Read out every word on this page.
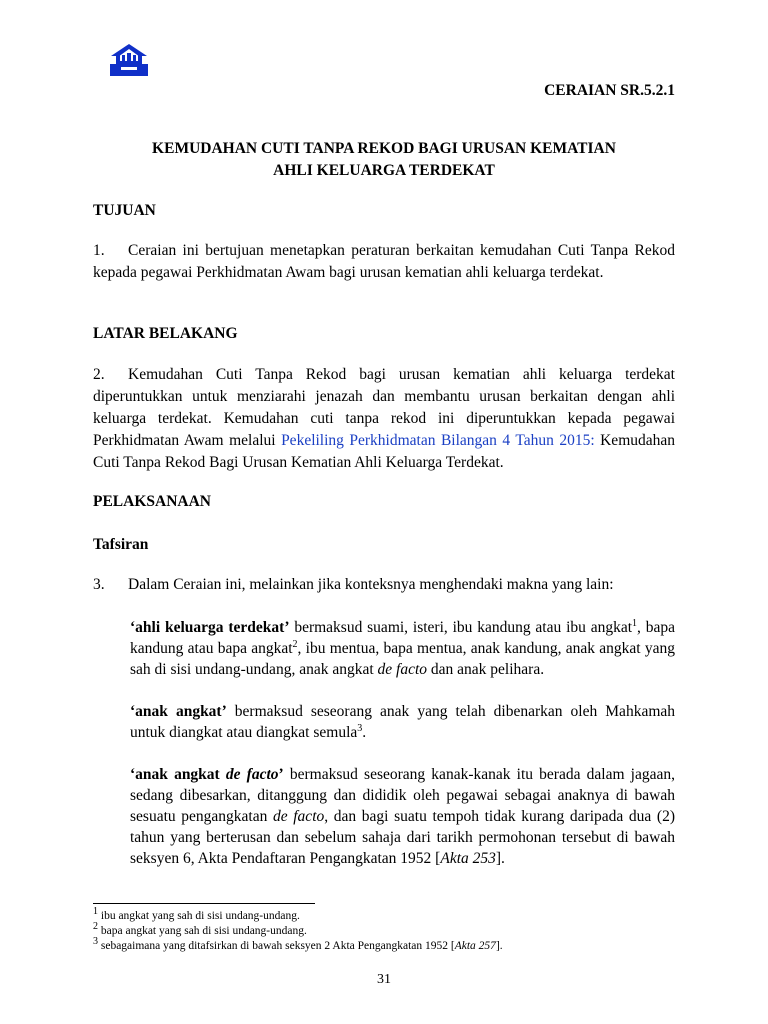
CERAIAN SR.5.2.1
KEMUDAHAN CUTI TANPA REKOD BAGI URUSAN KEMATIAN
AHLI KELUARGA TERDEKAT
TUJUAN
1. Ceraian ini bertujuan menetapkan peraturan berkaitan kemudahan Cuti Tanpa Rekod kepada pegawai Perkhidmatan Awam bagi urusan kematian ahli keluarga terdekat.
LATAR BELAKANG
2. Kemudahan Cuti Tanpa Rekod bagi urusan kematian ahli keluarga terdekat diperuntukkan untuk menziarahi jenazah dan membantu urusan berkaitan dengan ahli keluarga terdekat. Kemudahan cuti tanpa rekod ini diperuntukkan kepada pegawai Perkhidmatan Awam melalui Pekeliling Perkhidmatan Bilangan 4 Tahun 2015: Kemudahan Cuti Tanpa Rekod Bagi Urusan Kematian Ahli Keluarga Terdekat.
PELAKSANAAN
Tafsiran
3. Dalam Ceraian ini, melainkan jika konteksnya menghendaki makna yang lain:
‘ahli keluarga terdekat’ bermaksud suami, isteri, ibu kandung atau ibu angkat$^1$, bapa kandung atau bapa angkat$^2$, ibu mentua, bapa mentua, anak kandung, anak angkat yang sah di sisi undang-undang, anak angkat de facto dan anak pelihara.
‘anak angkat’ bermaksud seseorang anak yang telah dibenarkan oleh Mahkamah untuk diangkat atau diangkat semula$^3$.
‘anak angkat de facto’ bermaksud seseorang kanak-kanak itu berada dalam jagaan, sedang dibesarkan, ditanggung dan dididik oleh pegawai sebagai anaknya di bawah sesuatu pengangkatan de facto, dan bagi suatu tempoh tidak kurang daripada dua (2) tahun yang berterusan dan sebelum sahaja dari tarikh permohonan tersebut di bawah seksyen 6, Akta Pendaftaran Pengangkatan 1952 [Akta 253].
$^1$ ibu angkat yang sah di sisi undang-undang.
$^2$ bapa angkat yang sah di sisi undang-undang.
$^3$ sebagaimana yang ditafsirkan di bawah seksyen 2 Akta Pengangkatan 1952 [Akta 257].
31
